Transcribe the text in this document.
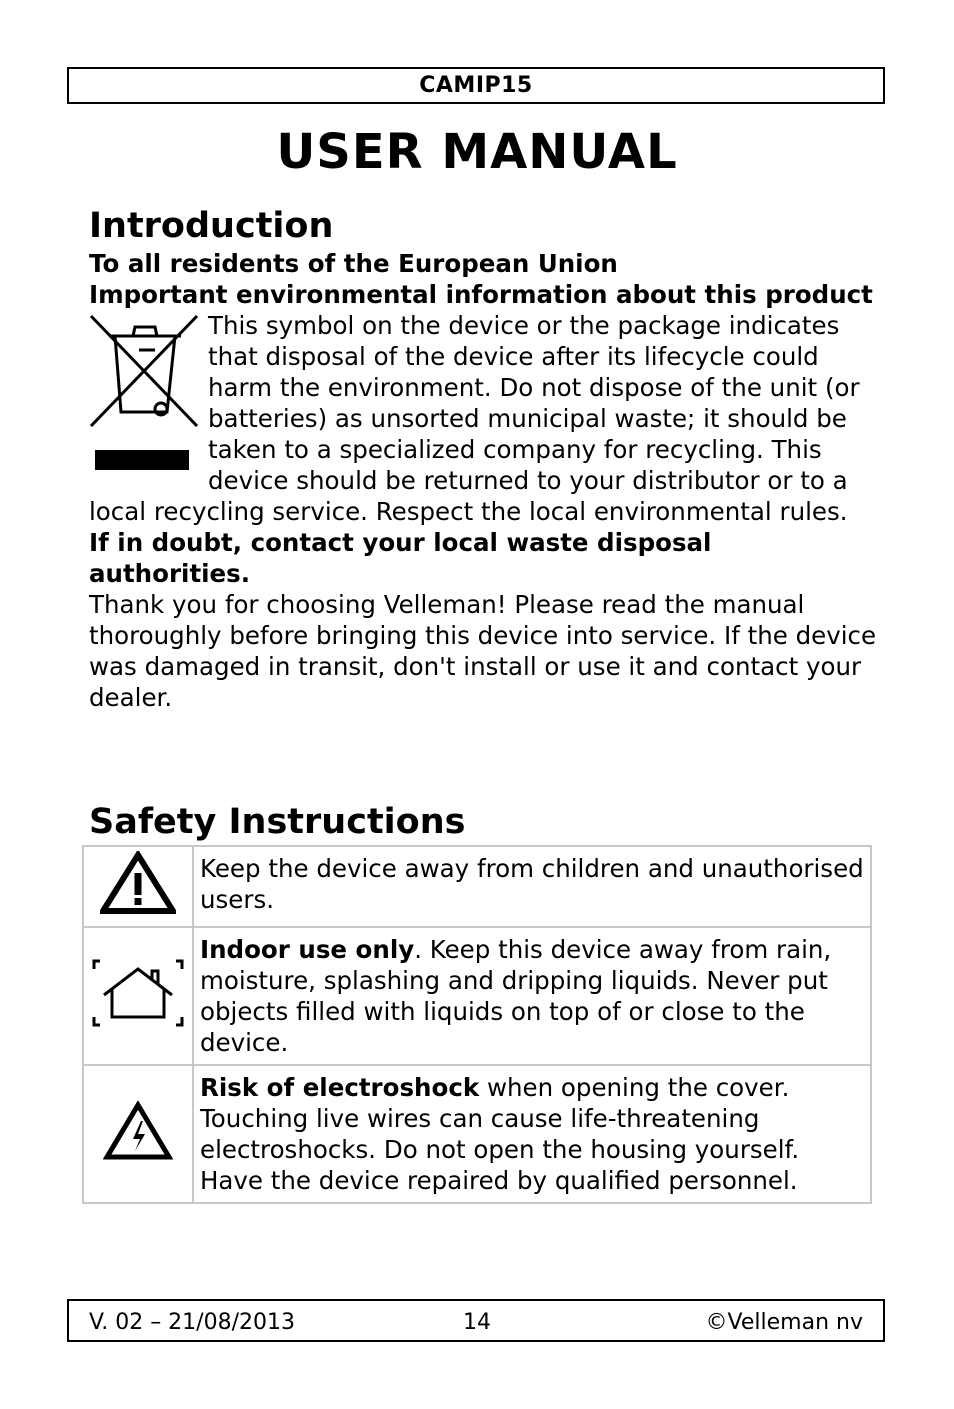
CAMIP15
USER MANUAL
Introduction

To all residents of the European Union

Important environmental information about this product

This symbol on the device or the package indicates that disposal of the device after its lifecycle could harm the environment. Do not dispose of the unit (or batteries) as unsorted municipal waste; it should be taken to a specialized company for recycling. This device should be returned to your distributor or to a local recycling service. Respect the local environmental rules.

If in doubt, contact your local waste disposal authorities.

Thank you for choosing Velleman! Please read the manual thoroughly before bringing this device into service. If the device was damaged in transit, don't install or use it and contact your dealer.

Safety Instructions
	Keep the device away from children and unauthorised users.
	Indoor use only. Keep this device away from rain, moisture, splashing and dripping liquids. Never put objects filled with liquids on top of or close to the device.
	Risk of electroshock when opening the cover. Touching live wires can cause life-threatening electroshocks. Do not open the housing yourself. Have the device repaired by qualified personnel.
V. 02 – 21/08/2013	14	©Velleman nv
